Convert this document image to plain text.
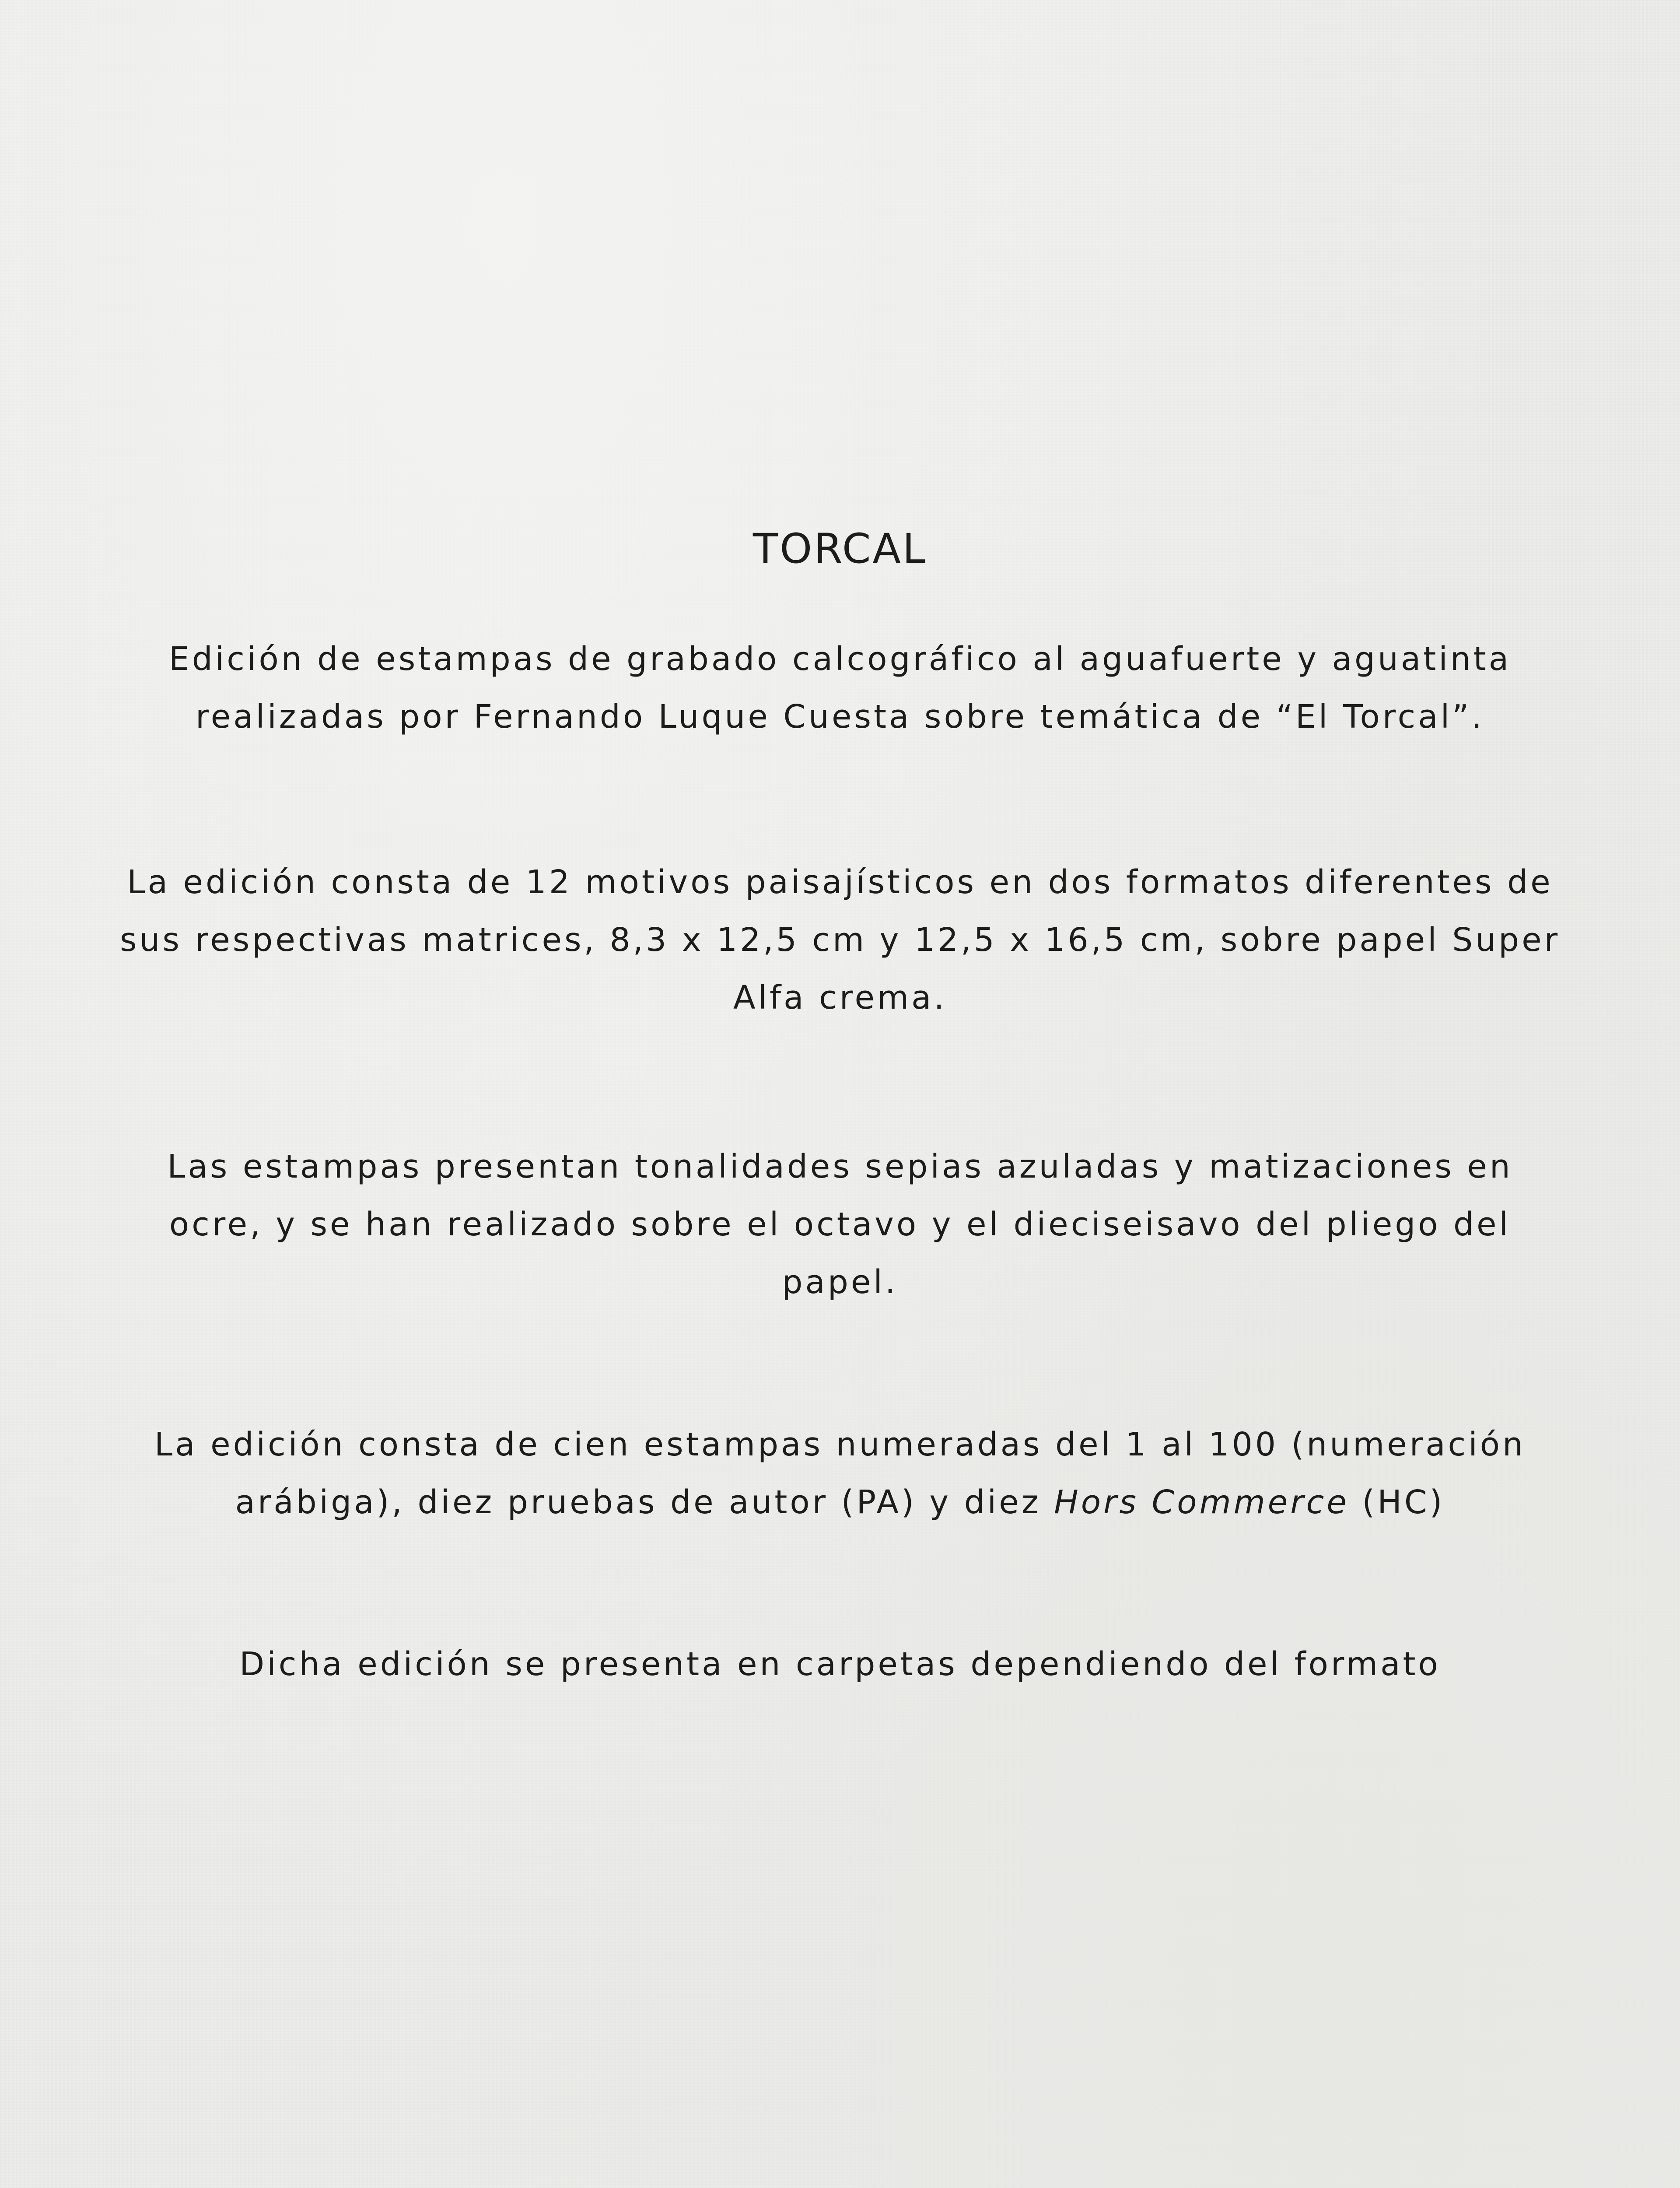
TORCAL
Edición de estampas de grabado calcográfico al aguafuerte y aguatinta
realizadas por Fernando Luque Cuesta sobre temática de “El Torcal”.
La edición consta de 12 motivos paisajísticos en dos formatos diferentes de
sus respectivas matrices, 8,3 x 12,5 cm y 12,5 x 16,5 cm, sobre papel Super
Alfa crema.
Las estampas presentan tonalidades sepias azuladas y matizaciones en
ocre, y se han realizado sobre el octavo y el dieciseisavo del pliego del
papel.
La edición consta de cien estampas numeradas del 1 al 100 (numeración
arábiga), diez pruebas de autor (PA) y diez Hors Commerce (HC)
Dicha edición se presenta en carpetas dependiendo del formato
